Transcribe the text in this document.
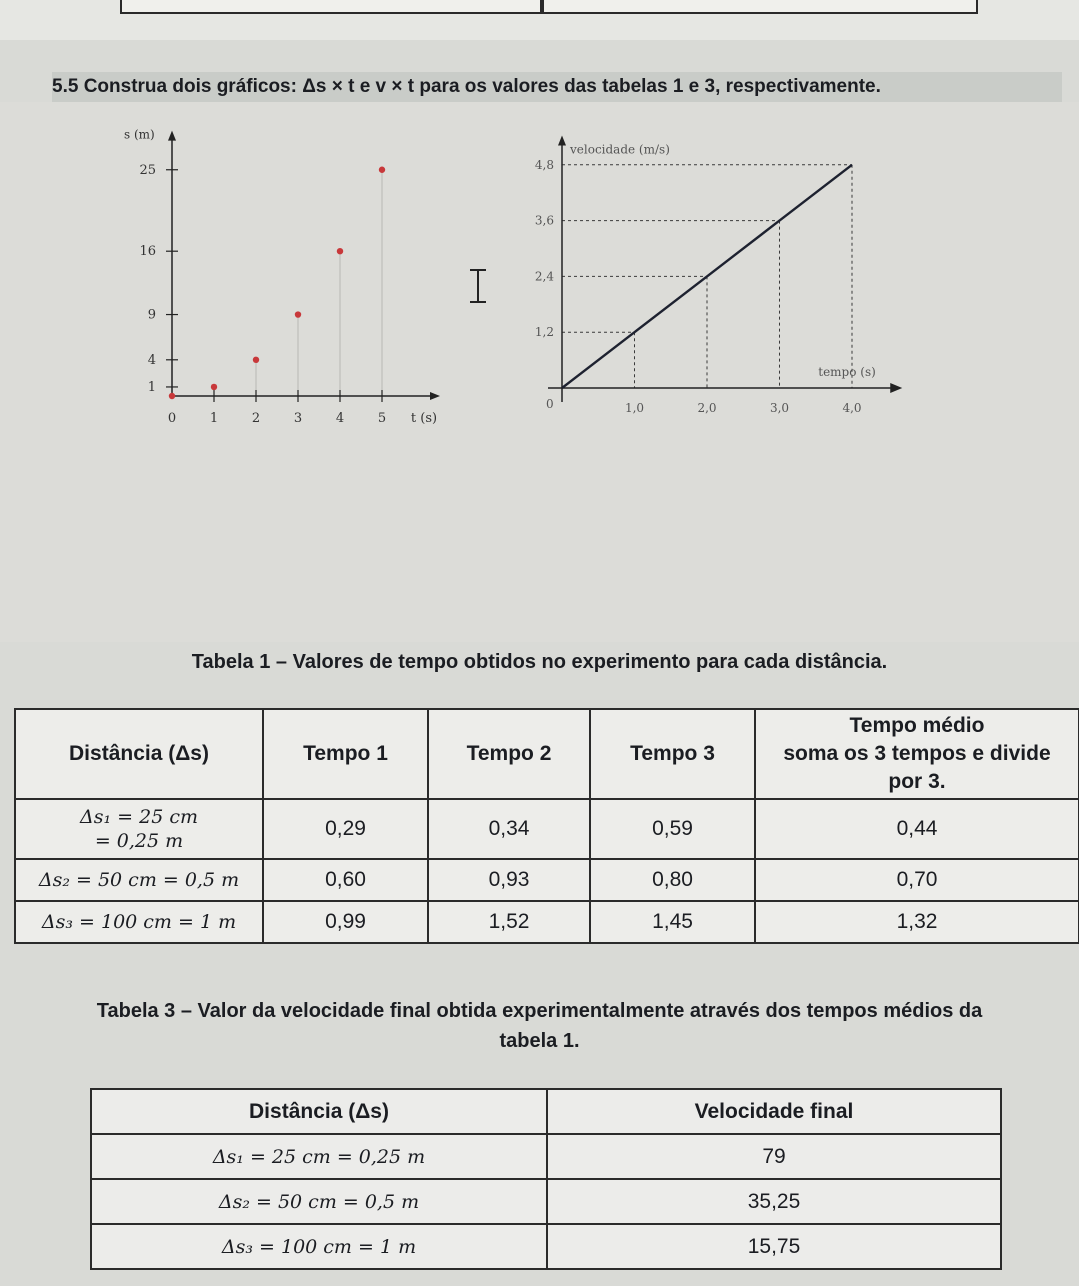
5.5 Construa dois gráficos: Δs × t e v × t para os valores das tabelas 1 e 3, respectivamente.
s (m)
0	1	2	3	4	5 t (s)
1
4
9
16
25
velocidade (m/s)
tempo (s)
0	1,0	2,0	3,0	4,0
1,2
2,4
3,6
4,8
Tabela 1 – Valores de tempo obtidos no experimento para cada distância.
Distância (Δs)	Tempo 1	Tempo 2	Tempo 3	Tempo médio
soma os 3 tempos e divide
por 3.
Δs₁ = 25 cm
= 0,25 m	0,29	0,34	0,59	0,44
Δs₂ = 50 cm = 0,5 m	0,60	0,93	0,80	0,70
Δs₃ = 100 cm = 1 m	0,99	1,52	1,45	1,32
Tabela 3 – Valor da velocidade final obtida experimentalmente através dos tempos médios da
tabela 1.
Distância (Δs)	Velocidade final
Δs₁ = 25 cm = 0,25 m	79
Δs₂ = 50 cm = 0,5 m	35,25
Δs₃ = 100 cm = 1 m	15,75
